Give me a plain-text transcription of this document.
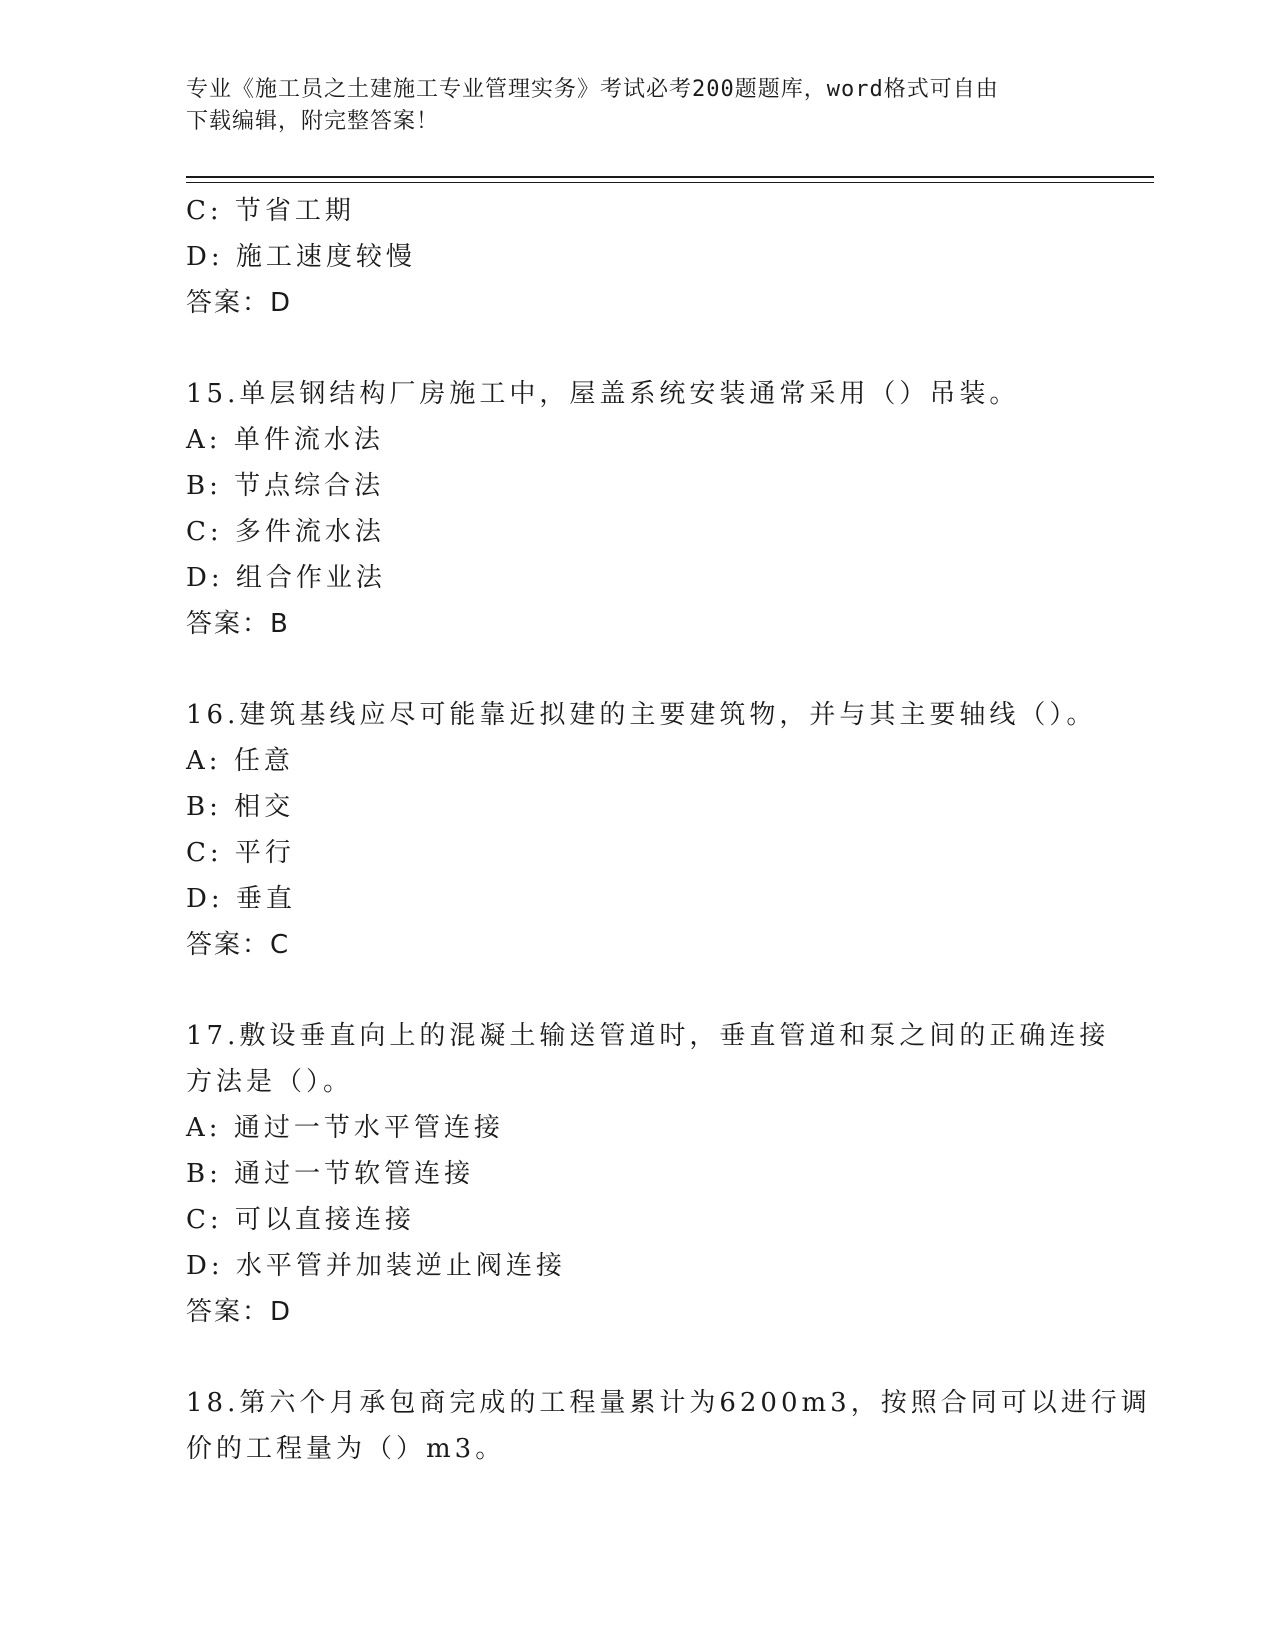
专业《施工员之土建施工专业管理实务》考试必考200题题库，word格式可自由
下载编辑，附完整答案！
C: 节省工期
D: 施工速度较慢
答案：D
15.单层钢结构厂房施工中，屋盖系统安装通常采用（）吊装。
A: 单件流水法
B: 节点综合法
C: 多件流水法
D: 组合作业法
答案：B
16.建筑基线应尽可能靠近拟建的主要建筑物，并与其主要轴线（）。
A: 任意
B: 相交
C: 平行
D: 垂直
答案：C
17.敷设垂直向上的混凝土输送管道时，垂直管道和泵之间的正确连接
方法是（）。
A: 通过一节水平管连接
B: 通过一节软管连接
C: 可以直接连接
D: 水平管并加装逆止阀连接
答案：D
18.第六个月承包商完成的工程量累计为6200m3，按照合同可以进行调
价的工程量为（）m3。
